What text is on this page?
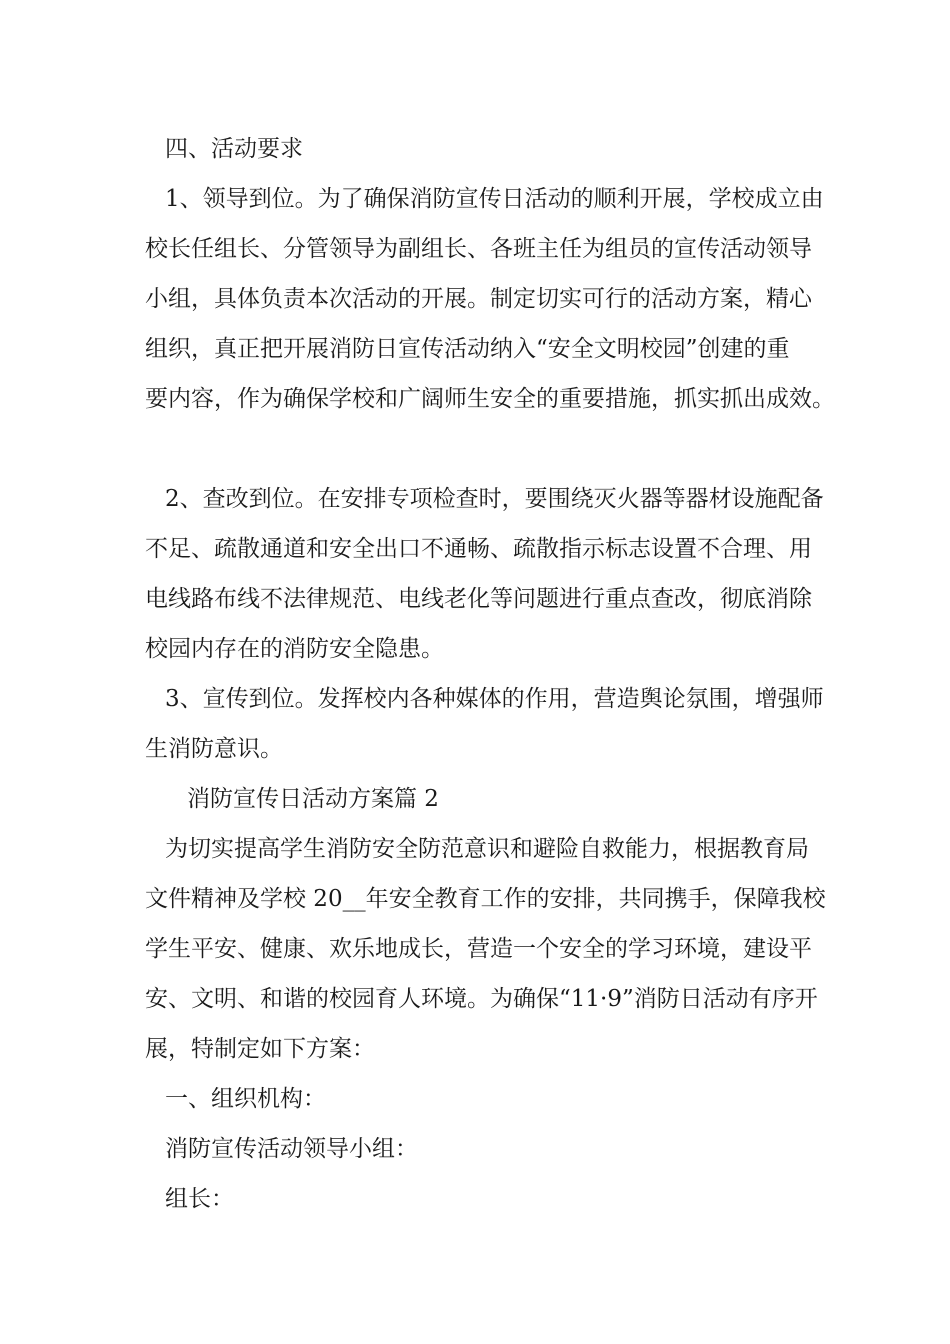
四、活动要求

1、领导到位。为了确保消防宣传日活动的顺利开展，学校成立由

校长任组长、分管领导为副组长、各班主任为组员的宣传活动领导

小组，具体负责本次活动的开展。制定切实可行的活动方案，精心

组织，真正把开展消防日宣传活动纳入“安全文明校园”创建的重

要内容，作为确保学校和广阔师生安全的重要措施，抓实抓出成效。

2、查改到位。在安排专项检查时，要围绕灭火器等器材设施配备

不足、疏散通道和安全出口不通畅、疏散指示标志设置不合理、用

电线路布线不法律规范、电线老化等问题进行重点查改，彻底消除

校园内存在的消防安全隐患。

3、宣传到位。发挥校内各种媒体的作用，营造舆论氛围，增强师

生消防意识。

消防宣传日活动方案篇 2

为切实提高学生消防安全防范意识和避险自救能力，根据教育局

文件精神及学校 20__年安全教育工作的安排，共同携手，保障我校

学生平安、健康、欢乐地成长，营造一个安全的学习环境，建设平

安、文明、和谐的校园育人环境。为确保“11·9”消防日活动有序开

展，特制定如下方案：

一、组织机构：

消防宣传活动领导小组：

组长：
